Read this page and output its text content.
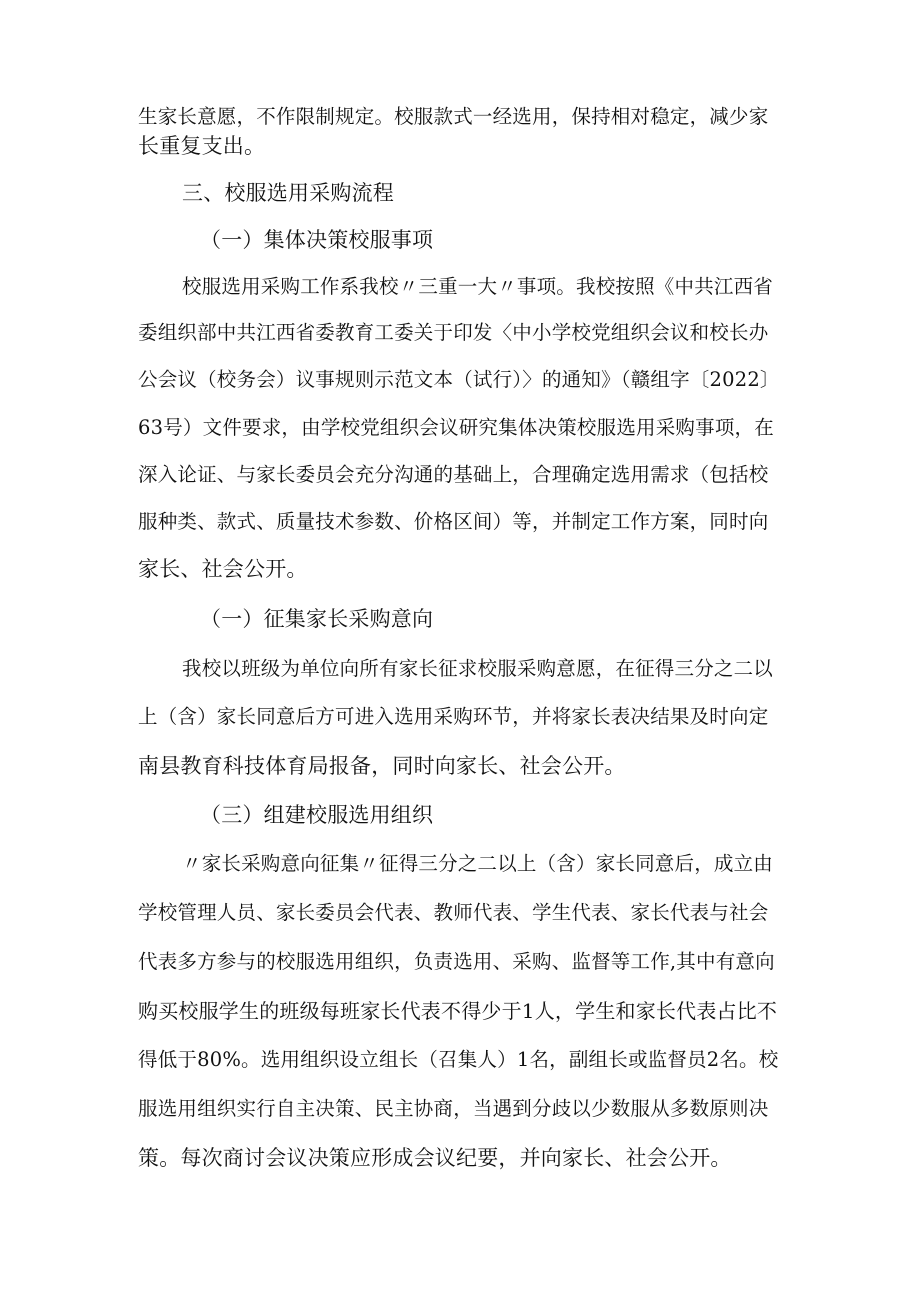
生家长意愿，不作限制规定。校服款式一经选用，保持相对稳定，减少家
长重复支出。
三、校服选用采购流程
（一）集体决策校服事项
校服选用采购工作系我校〃三重一大〃事项。我校按照《中共江西省
委组织部中共江西省委教育工委关于印发〈中小学校党组织会议和校长办
公会议（校务会）议事规则示范文本（试行）〉的通知》（赣组字〔2022〕
63号）文件要求，由学校党组织会议研究集体决策校服选用采购事项，在
深入论证、与家长委员会充分沟通的基础上，合理确定选用需求（包括校
服种类、款式、质量技术参数、价格区间）等，并制定工作方案，同时向
家长、社会公开。
（一）征集家长采购意向
我校以班级为单位向所有家长征求校服采购意愿，在征得三分之二以
上（含）家长同意后方可进入选用采购环节，并将家长表决结果及时向定
南县教育科技体育局报备，同时向家长、社会公开。
（三）组建校服选用组织
〃家长采购意向征集〃征得三分之二以上（含）家长同意后，成立由
学校管理人员、家长委员会代表、教师代表、学生代表、家长代表与社会
代表多方参与的校服选用组织，负责选用、采购、监督等工作,其中有意向
购买校服学生的班级每班家长代表不得少于1人，学生和家长代表占比不
得低于80%。选用组织设立组长（召集人）1名，副组长或监督员2名。校
服选用组织实行自主决策、民主协商，当遇到分歧以少数服从多数原则决
策。每次商讨会议决策应形成会议纪要，并向家长、社会公开。
